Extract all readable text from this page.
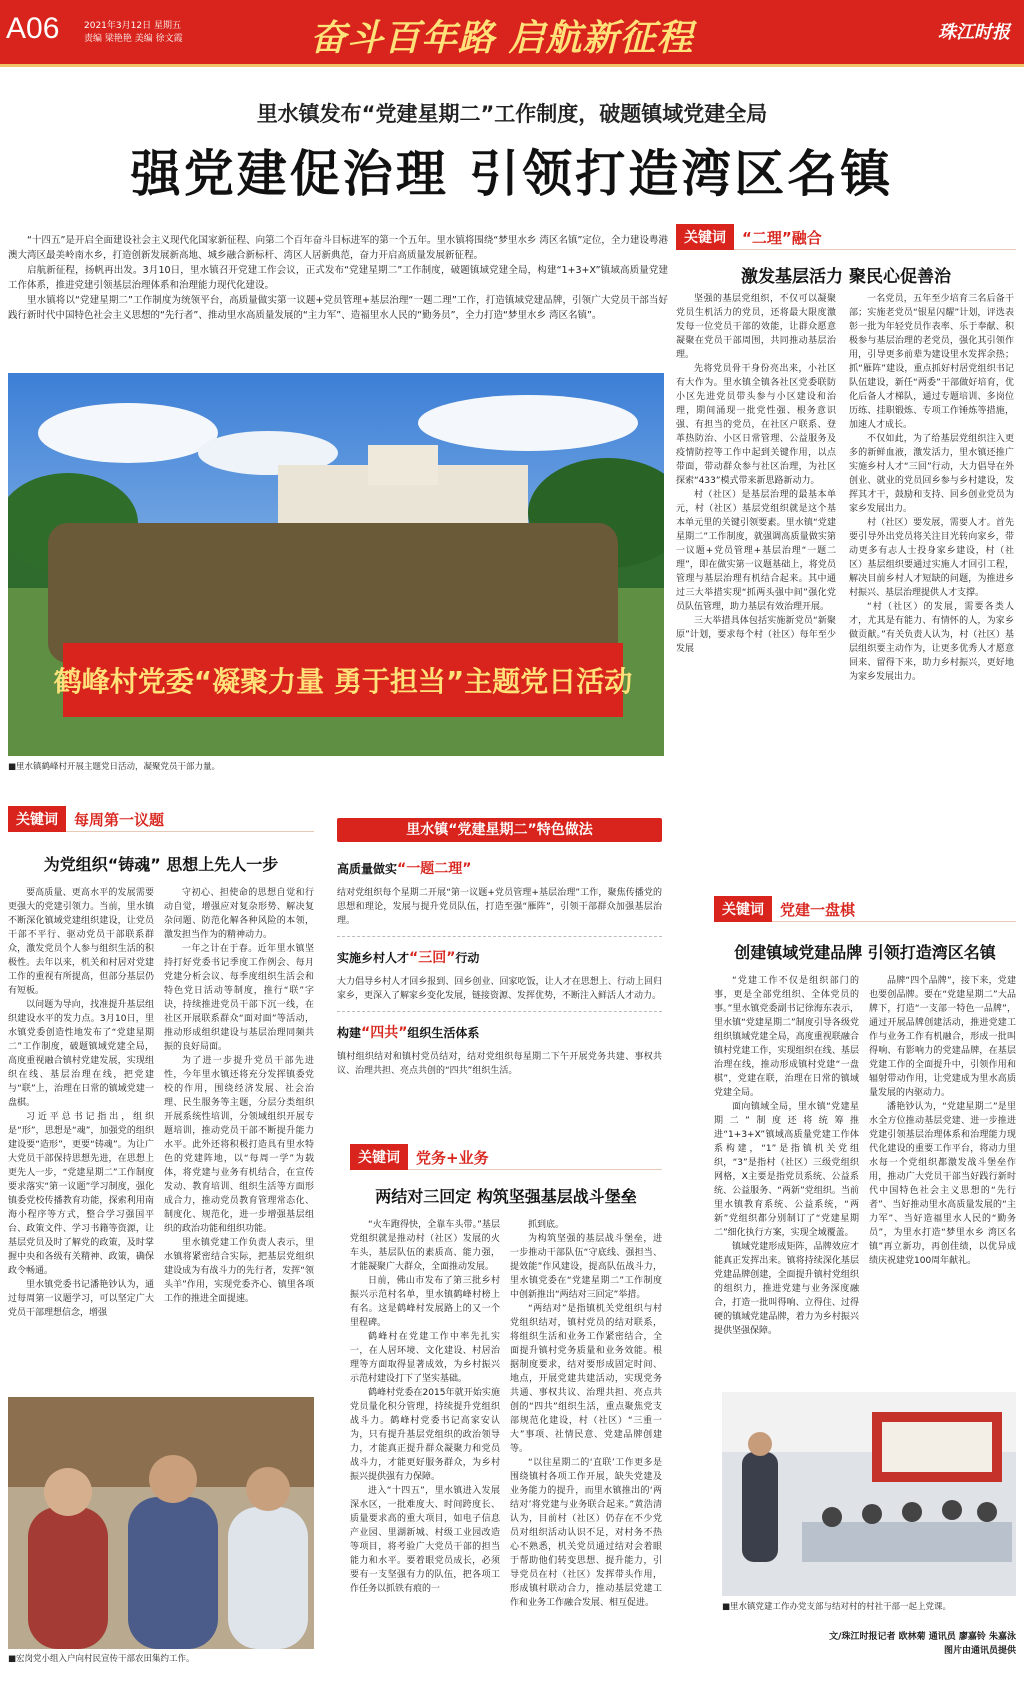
A06	2021年3月12日 星期五
责编 梁艳艳 美编 徐文霞	奋斗百年路 启航新征程	珠江时报
里水镇发布“党建星期二”工作制度，破题镇域党建全局
强党建促治理 引领打造湾区名镇

“十四五”是开启全面建设社会主义现代化国家新征程、向第二个百年奋斗目标进军的第一个五年。里水镇将围绕“梦里水乡 湾区名镇”定位，全力建设粤港澳大湾区最美岭南水乡，打造创新发展新高地、城乡融合新标杆、湾区人居新典范，奋力开启高质量发展新征程。

启航新征程，扬帆再出发。3月10日，里水镇召开党建工作会议，正式发布“党建星期二”工作制度，破题镇域党建全局，构建“1+3+X”镇域高质量党建工作体系，推进党建引领基层治理体系和治理能力现代化建设。

里水镇将以“党建星期二”工作制度为统领平台，高质量做实第一议题+党员管理+基层治理“一题二理”工作，打造镇域党建品牌，引领广大党员干部当好践行新时代中国特色社会主义思想的“先行者”、推动里水高质量发展的“主力军”、造福里水人民的“勤务员”，全力打造“梦里水乡 湾区名镇”。

鹤峰村党委“凝聚力量 勇于担当”主题党日活动
■里水镇鹤峰村开展主题党日活动，凝聚党员干部力量。
关键词 “二理”融合
激发基层活力 聚民心促善治

坚强的基层党组织，不仅可以凝聚党员生机活力的党员，还将最大限度激发每一位党员干部的效能，让群众愿意凝聚在党员干部周围，共同推动基层治理。

先将党员骨干身份亮出来，小社区有大作为。里水镇全镇各社区党委联防小区先进党员带头参与小区建设和治理，期间涌现一批党性强、根务意识强、有担当的党员，在社区户联系、登革热防治、小区日常管理、公益服务及疫情防控等工作中起到关键作用，以点带面，带动群众参与社区治理，为社区探索“433”模式带来新思路新动力。

村（社区）是基层治理的最基本单元，村（社区）基层党组织就是这个基本单元里的关键引领要素。里水镇“党建星期二”工作制度，就强调高质量做实第一议题+党员管理+基层治理“一题二理”，即在做实第一议题基础上，将党员管理与基层治理有机结合起来。其中通过三大举措实现“抓两头强中间”强化党员队伍管理，助力基层有效治理开展。

三大举措具体包括实施新党员“新聚原”计划，要求每个村（社区）每年至少发展

一名党员，五年至少培育三名后备干部；实施老党员“银星闪耀”计划，评选表彰一批为年轻党员作表率、乐于奉献、积极参与基层治理的老党员，强化其引领作用，引导更多前辈为建设里水发挥余热；抓“雁阵”建设，重点抓好村居党组织书记队伍建设，新任“两委”干部做好培育，优化后备人才梯队，通过专题培训、多岗位历练、挂职锻炼、专项工作锤炼等措施，加速人才成长。

不仅如此，为了给基层党组织注入更多的新鲜血液，激发活力，里水镇还推广实施乡村人才“三回”行动，大力倡导在外创业、就业的党员回乡参与乡村建设，发挥其才干，鼓励和支持、回乡创业党员为家乡发展出力。

村（社区）要发展，需要人才。首先要引导外出党员将关注目光转向家乡，带动更多有志人士投身家乡建设，村（社区）基层组织要通过实施人才回引工程，解决目前乡村人才短缺的问题，为推进乡村振兴、基层治理提供人才支撑。

“村（社区）的发展，需要各类人才，尤其是有能力、有情怀的人，为家乡做贡献。”有关负责人认为，村（社区）基层组织要主动作为，让更多优秀人才愿意回来、留得下来，助力乡村振兴，更好地为家乡发展出力。

关键词 每周第一议题
为党组织“铸魂” 思想上先人一步

要高质量、更高水平的发展需要更强大的党建引领力。当前，里水镇不断深化镇域党建组织建设，让党员干部不平行、驱动党员干部联系群众，激发党员个人参与组织生活的积极性。去年以来，机关和村居对党建工作的重视有所提高，但部分基层仍有短板。

以问题为导向，找准提升基层组织建设水平的发力点。3月10日，里水镇党委创造性地发布了“党建星期二”工作制度，破题镇域党建全局，高度重视融合镇村党建发展，实现组织在线、基层治理在线，把党建与“联”上，治理在日常的镇域党建一盘棋。

习近平总书记指出，组织是“形”，思想是“魂”，加强党的组织建设要“造形”，更要“铸魂”。为让广大党员干部保持思想先进，在思想上更先人一步，“党建星期二”工作制度要求落实“第一议题”学习制度，强化镇委党校传播教育功能，探索利用南海小程序等方式，整合学习强国平台、政策文件、学习书籍等资源，让基层党员及时了解党的政策，及时掌握中央和各级有关精神、政策，确保政令畅通。

里水镇党委书记潘艳钞认为，通过每周第一议题学习，可以坚定广大党员干部理想信念，增强

守初心、担使命的思想自觉和行动自觉，增强应对复杂形势、解决复杂问题、防范化解各种风险的本领，激发担当作为的精神动力。

一年之计在于春。近年里水镇坚持打好党委书记季度工作例会、每月党建分析会议、每季度组织生活会和特色党日活动等制度，推行“联”字诀，持续推进党员干部下沉一线，在社区开展联系群众“面对面”等活动，推动形成组织建设与基层治理同频共振的良好局面。

为了进一步提升党员干部先进性，今年里水镇还将充分发挥镇委党校的作用，围绕经济发展、社会治理、民生服务等主题，分层分类组织开展系统性培训，分领域组织开展专题培训，推动党员干部不断提升能力水平。此外还将积极打造具有里水特色的党建阵地，以“每周一学”为载体，将党建与业务有机结合，在宣传发动、教育培训、组织生活等方面形成合力，推动党员教育管理常态化、制度化、规范化，进一步增强基层组织的政治功能和组织功能。

里水镇党建工作负责人表示，里水镇将紧密结合实际，把基层党组织建设成为有战斗力的先行者，发挥“领头羊”作用，实现党委齐心、镇里各项工作的推进全面提速。

■宏岗党小组入户向村民宣传干部农田集约工作。
里水镇“党建星期二”特色做法
高质量做实“一题二理”
结对党组织每个星期二开展“第一议题+党员管理+基层治理”工作，聚焦传播党的思想和理论，发展与提升党员队伍，打造至强“雁阵”，引领干部群众加强基层治理。
实施乡村人才“三回”行动
大力倡导乡村人才回乡报到、回乡创业、回家吃饭，让人才在思想上、行动上回归家乡，更深入了解家乡变化发展，链接资源、发挥优势，不断注入鲜活人才动力。
构建“四共”组织生活体系
镇村组织结对和镇村党员结对，结对党组织每星期二下午开展党务共建、事权共议、治理共担、亮点共创的“四共”组织生活。
关键词 党务+业务
两结对三回定 构筑坚强基层战斗堡垒

“火车跑得快，全靠车头带。”基层党组织就是推动村（社区）发展的火车头，基层队伍的素质高、能力强，才能凝聚广大群众，全面推动发展。

日前，佛山市发布了第三批乡村振兴示范村名单，里水镇鹤峰村榜上有名。这是鹤峰村发展路上的又一个里程碑。

鹤峰村在党建工作中率先扎实一，在人居环境、文化建设、村居治理等方面取得显著成效，为乡村振兴示范村建设打下了坚实基础。

鹤峰村党委在2015年就开始实施党员量化积分管理，持续提升党组织战斗力。鹤峰村党委书记高家安认为，只有提升基层党组织的政治领导力，才能真正提升群众凝聚力和党员战斗力，才能更好服务群众，为乡村振兴提供强有力保障。

进入“十四五”，里水镇进入发展深水区，一批难度大、时间跨度长、质量要求高的重大项目，如电子信息产业园、里湖新城、村级工业园改造等项目，将考验广大党员干部的担当能力和水平。要着眼党员成长，必须要有一支坚强有力的队伍，把各项工作任务以抓铁有痕的一

抓到底。

为构筑坚强的基层战斗堡垒，进一步推动干部队伍“守底线、强担当、提效能”作风建设，提高队伍战斗力，里水镇党委在“党建星期二”工作制度中创新推出“两结对三回定”举措。

“两结对”是指镇机关党组织与村党组织结对，镇村党员的结对联系，将组织生活和业务工作紧密结合，全面提升镇村党务质量和业务效能。根据制度要求，结对要形成固定时间、地点，开展党建共建活动，实现党务共通、事权共议、治理共担、亮点共创的“四共”组织生活，重点聚焦党支部规范化建设，村（社区）“三重一大”事项、社情民意、党建品牌创建等。

“以往星期二的‘直联’工作更多是围绕镇村各项工作开展，缺失党建及业务能力的提升，而里水镇推出的‘两结对’将党建与业务联合起来。”黄浩清认为，目前村（社区）仍存在不少党员对组织活动认识不足，对村务不热心不熟悉，机关党员通过结对会着眼于帮助他们转变思想、提升能力，引导党员在村（社区）发挥带头作用，形成镇村联动合力，推动基层党建工作和业务工作融合发展、相互促进。

关键词 党建一盘棋
创建镇域党建品牌 引领打造湾区名镇

“党建工作不仅是组织部门的事，更是全部党组织、全体党员的事。”里水镇党委副书记徐海东表示，里水镇“党建星期二”制度引导各级党组织镇域党建全局，高度重视联融合镇村党建工作，实现组织在线、基层治理在线，推动形成镇村党建“一盘棋”，党建在联，治理在日常的镇域党建全局。

面向镇域全局，里水镇“党建星期二”制度还将统筹推进“1+3+X”镇域高质量党建工作体系构建，“1”是指镇机关党组织，“3”是指村（社区）三级党组织网格，X主要是指党员系统、公益系统、公益服务、“两新”党组织。当前里水镇教育系统、公益系统，“两新”党组织都分别制订了“党建星期二”细化执行方案，实现全域覆盖。

镇域党建形成矩阵，品牌效应才能真正发挥出来。镇将持续深化基层党建品牌创建，全面提升镇村党组织的组织力，推进党建与业务深度融合，打造一批叫得响、立得住、过得硬的镇域党建品牌，着力为乡村振兴提供坚强保障。

品牌“四个品牌”，接下来，党建也要创品牌。要在“党建星期二”大品牌下，打造“一支部一特色一品牌”，通过开展品牌创建活动，推进党建工作与业务工作有机融合，形成一批叫得响、有影响力的党建品牌，在基层党建工作的全面提升中，引领作用和辐射带动作用，让党建成为里水高质量发展的内驱动力。

潘艳钞认为，“党建星期二”是里水全方位推动基层党建、进一步推进党建引领基层治理体系和治理能力现代化建设的重要工作平台，将动力里水每一个党组织都激发战斗堡垒作用，推动广大党员干部当好践行新时代中国特色社会主义思想的“先行者”、当好推动里水高质量发展的“主力军”、当好造福里水人民的“勤务员”，为里水打造“梦里水乡 湾区名镇”再立新功，再创佳绩，以优异成绩庆祝建党100周年献礼。

■里水镇党建工作办党支部与结对村的村社干部一起上党课。
文/珠江时报记者 欧林菊 通讯员 廖嘉铃 朱嘉泳
图片由通讯员提供
